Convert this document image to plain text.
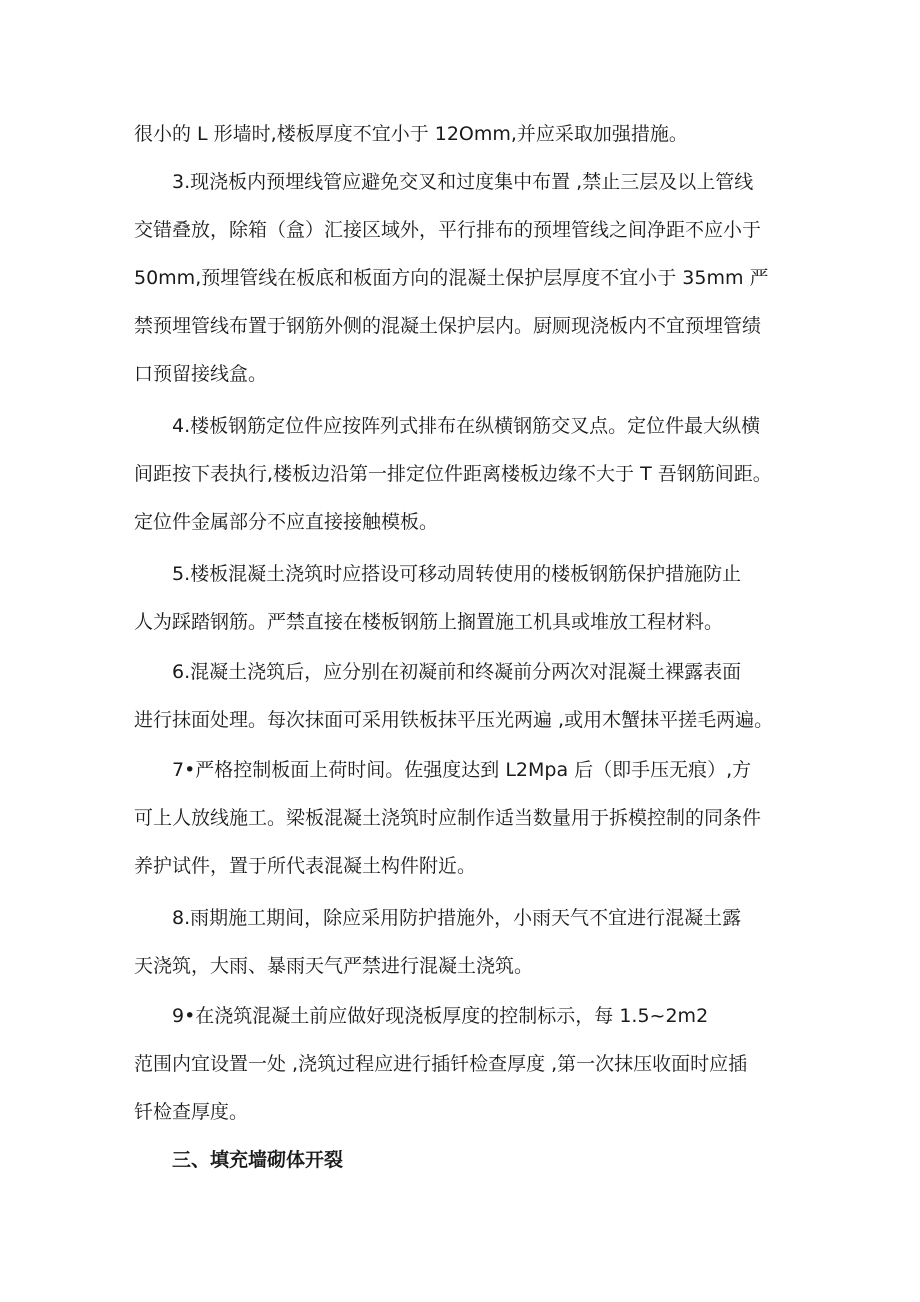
很小的 L 形墙时,楼板厚度不宜小于 12Omm,并应采取加强措施。

3.现浇板内预埋线管应避免交叉和过度集中布置 ,禁止三层及以上管线
交错叠放，除箱（盒）汇接区域外，平行排布的预埋管线之间净距不应小于
50mm,预埋管线在板底和板面方向的混凝土保护层厚度不宜小于 35mm 严
禁预埋管线布置于钢筋外侧的混凝土保护层内。厨厕现浇板内不宜预埋管绩
口预留接线盒。

4.楼板钢筋定位件应按阵列式排布在纵横钢筋交叉点。定位件最大纵横
间距按下表执行,楼板边沿第一排定位件距离楼板边缘不大于 T 吾钢筋间距。
定位件金属部分不应直接接触模板。

5.楼板混凝土浇筑时应搭设可移动周转使用的楼板钢筋保护措施防止
人为踩踏钢筋。严禁直接在楼板钢筋上搁置施工机具或堆放工程材料。

6.混凝土浇筑后，应分别在初凝前和终凝前分两次对混凝土裸露表面
进行抹面处理。每次抹面可采用铁板抹平压光两遍 ,或用木蟹抹平搓毛两遍。

7•严格控制板面上荷时间。佐强度达到 L2Mpa 后（即手压无痕）,方
可上人放线施工。梁板混凝土浇筑时应制作适当数量用于拆模控制的同条件
养护试件，置于所代表混凝土构件附近。

8.雨期施工期间，除应采用防护措施外，小雨天气不宜进行混凝土露
天浇筑，大雨、暴雨天气严禁进行混凝土浇筑。

9•在浇筑混凝土前应做好现浇板厚度的控制标示，每 1.5~2m2
范围内宜设置一处 ,浇筑过程应进行插钎检查厚度 ,第一次抹压收面时应插
钎检查厚度。

三、填充墙砌体开裂
